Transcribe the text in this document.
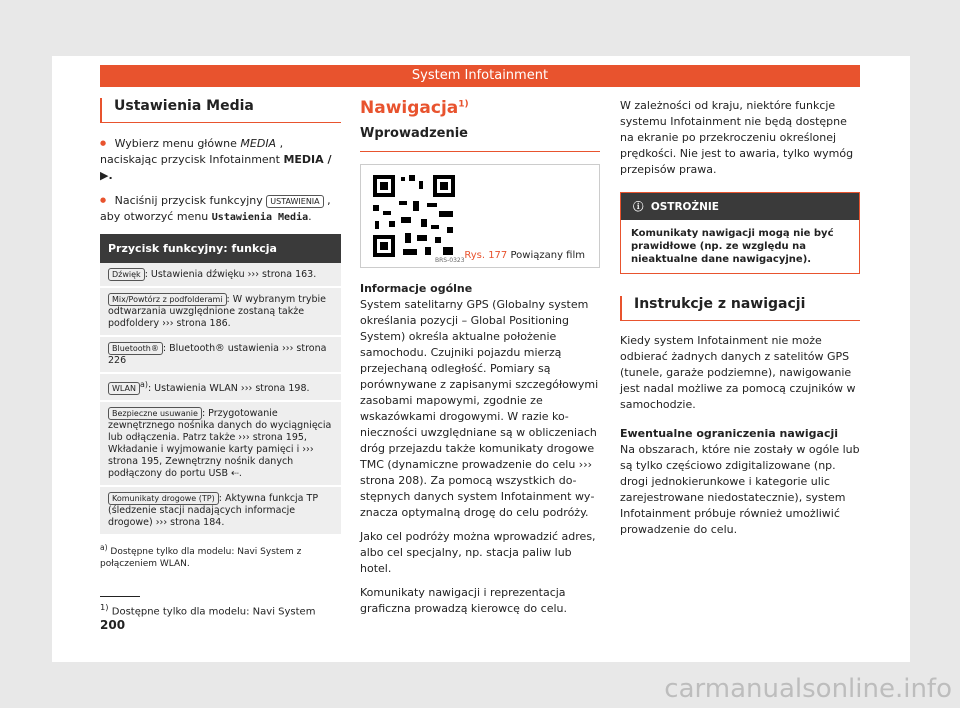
System Infotainment
Ustawienia Media

● Wybierz menu główne MEDIA , naciskając przycisk Infotainment MEDIA / ▶.

● Naciśnij przycisk funkcyjny USTAWIENIA , aby otworzyć menu Ustawienia Media.

Przycisk funkcyjny: funkcja
Dźwięk : Ustawienia dźwięku ››› strona 163.
Mix/Powtórz z podfolderami : W wybranym trybie odtwarzania uwzględnione zostaną także podfoldery ››› strona 186.
Bluetooth® : Bluetooth® ustawienia ››› strona 226
WLAN $^{a)}$: Ustawienia WLAN ››› strona 198.
Bezpieczne usuwanie : Przygotowanie zewnętrznego nośnika danych do wyciągnięcia lub odłączenia. Patrz także ››› strona 195, Wkładanie i wyjmowanie karty pamięci i ››› strona 195, Zewnętrzny nośnik danych podłączony do portu USB ⇠.
Komunikaty drogowe (TP) : Aktywna funkcja TP (śledzenie stacji nadających informacje drogowe) ››› strona 184.
$^{a)}$ Dostępne tylko dla modelu: Navi System z połączeniem WLAN.
Nawigacja$^{1)}$
Wprowadzenie
BRS-0323 Rys. 177 Powiązany film
Informacje ogólne

System satelitarny GPS (Globalny system określania pozycji – Global Positioning System) określa aktualne położenie samochodu. Czujniki pojazdu mierzą przejechaną odległość. Pomiary są porównywane z zapisanymi szczegółowymi zasobami mapowymi, zgodnie ze wskazówkami drogowymi. W razie konieczności uwzględniane są w obliczeniach dróg przejazdu także komunikaty drogowe TMC (dynamiczne prowadzenie do celu ››› strona 208). Za pomocą wszystkich dostępnych danych system Infotainment wyznacza optymalną drogę do celu podróży.

Jako cel podróży można wprowadzić adres, albo cel specjalny, np. stacja paliw lub hotel.

Komunikaty nawigacji i reprezentacja graficzna prowadzą kierowcę do celu.

W zależności od kraju, niektóre funkcje systemu Infotainment nie będą dostępne na ekranie po przekroczeniu określonej prędkości. Nie jest to awaria, tylko wymóg przepisów prawa.

ⓘ OSTROŻNIE
Komunikaty nawigacji mogą nie być prawidłowe (np. ze względu na nieaktualne dane nawigacyjne).
Instrukcje z nawigacji

Kiedy system Infotainment nie może odbierać żadnych danych z satelitów GPS (tunele, garaże podziemne), nawigowanie jest nadal możliwe za pomocą czujników w samochodzie.

Ewentualne ograniczenia nawigacji

Na obszarach, które nie zostały w ogóle lub są tylko częściowo zdigitalizowane (np. drogi jednokierunkowe i kategorie ulic zarejestrowane niedostatecznie), system Infotainment próbuje również umożliwić prowadzenie do celu.

$^{1)}$ Dostępne tylko dla modelu: Navi System
200
carmanualsonline.info
